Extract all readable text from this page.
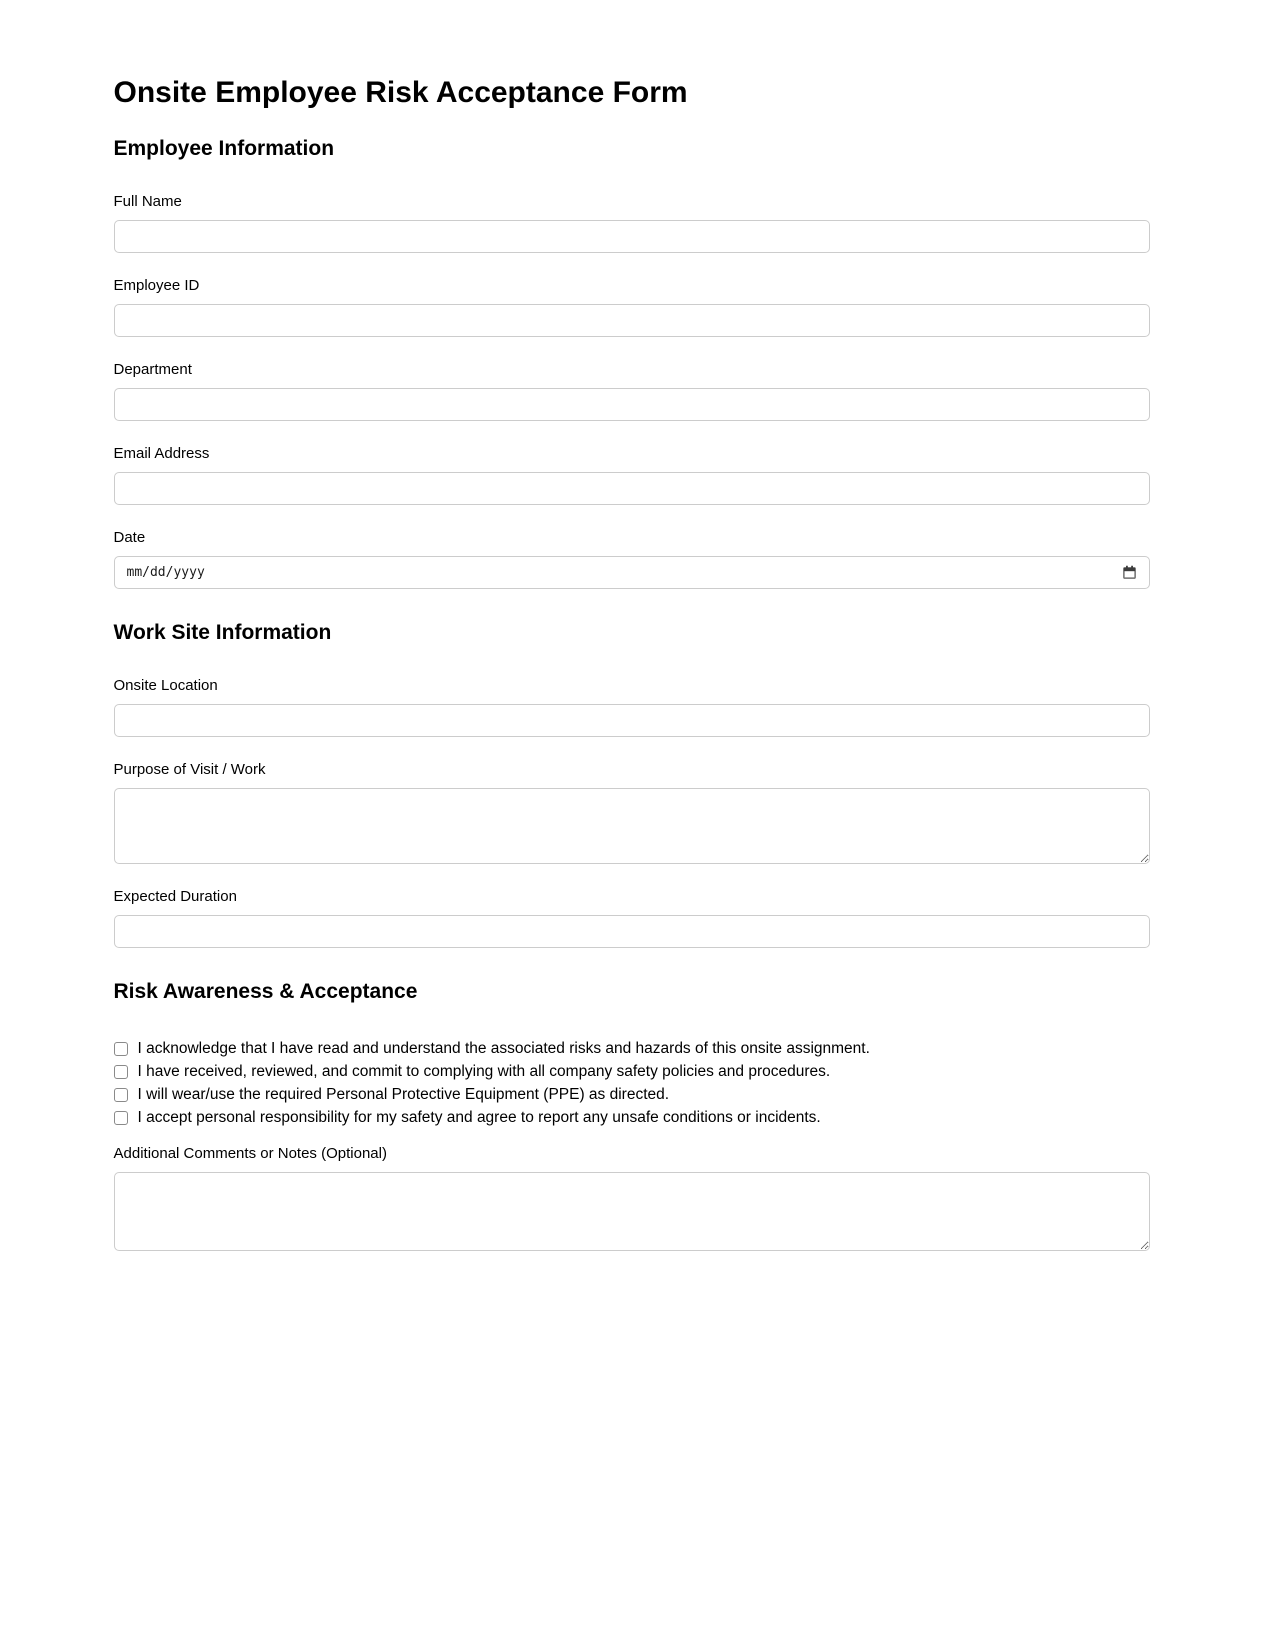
Onsite Employee Risk Acceptance Form
Employee Information
Full Name
Employee ID
Department
Email Address
Date
mm/dd/yyyy
Work Site Information
Onsite Location
Purpose of Visit / Work
Expected Duration
Risk Awareness & Acceptance
I acknowledge that I have read and understand the associated risks and hazards of this onsite assignment.
I have received, reviewed, and commit to complying with all company safety policies and procedures.
I will wear/use the required Personal Protective Equipment (PPE) as directed.
I accept personal responsibility for my safety and agree to report any unsafe conditions or incidents.
Additional Comments or Notes (Optional)
